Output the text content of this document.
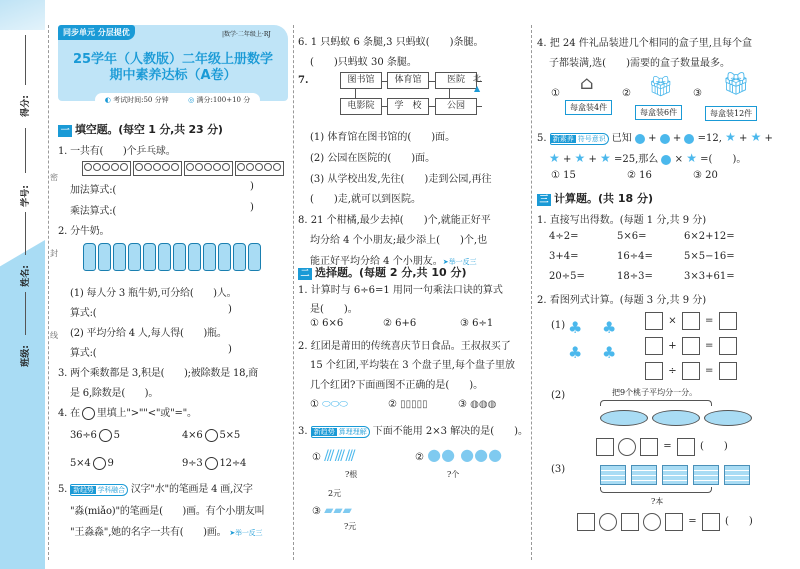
得分:
学号:
姓名:
班级:
密
封
线
同步单元 分层提优	|数学·二年级上·RJ
25学年（人教版）二年级上册数学
期中素养达标（A卷）
◐ 考试时间:50 分钟	◎ 满分:100+10 分
一 填空题。(每空 1 分,共 23 分)
1. 一共有(　　)个乒乓球。
加法算式:(	)
乘法算式:(	)
2. 分牛奶。
(1) 每人分 3 瓶牛奶,可分给(　　)人。
算式:(	)
(2) 平均分给 4 人,每人得(　　)瓶。
算式:(	)
3. 两个乘数都是 3,积是(　　);被除数是 18,商
是 6,除数是(　　)。
4. 在 里填上">""<"或"="。
36÷6 5	4×6 5×5
5×4 9	9÷3 12÷4
5. 新趋势 学科融合 汉字"水"的笔画是 4 画,汉字
"淼(miǎo)"的笔画是(　　)画。有个小朋友叫
"王淼淼",她的名字一共有(　　)画。 ➤举一反三
6. 1 只蚂蚁 6 条腿,3 只蚂蚁(　　)条腿。
(　　)只蚂蚁 30 条腿。
7.	图书馆	体育馆	医院
电影院	学　校	公园
北
▲
(1) 体育馆在图书馆的(　　)面。
(2) 公园在医院的(　　)面。
(3) 从学校出发,先往(　　)走到公园,再往
(　　)走,就可以到医院。
8. 21 个柑橘,最少去掉(　　)个,就能正好平
均分给 4 个小朋友;最少添上(　　)个,也
能正好平均分给 4 个小朋友。➤举一反三
二 选择题。(每题 2 分,共 10 分)
1. 计算时与 6÷6=1 用同一句乘法口诀的算式
是(　　)。
① 6×6	② 6+6	③ 6÷1
2. 红团是莆田的传统喜庆节日食品。王叔叔买了
15 个红团,平均装在 3 个盘子里,每个盘子里放
几个红团?下面画图不正确的是(　　)。
① ⬭⬭⬭	② ▯▯▯▯▯	③ ◍◍◍
3. 新趋势 算理理解 下面不能用 2×3 解决的是(　　)。
① /// /// ///
?根
② ●● ●●●
?个
2元
③ ▰▰▰
?元
4. 把 24 件礼品装进几个相同的盒子里,且每个盒
子都装满,选(　　)需要的盒子数量最多。
① ⌂
每盒装4件
② 🎁︎
每盒装6件
③ 🎁︎
每盒装12件
5. 新素养 符号意识 已知  +  +  =12, ★ + ★ +
★ + ★ + ★ =25,那么  × ★ =(　　)。
① 15	② 16	③ 20
三 计算题。(共 18 分)
1. 直接写出得数。(每题 1 分,共 9 分)
4÷2=	5×6=	6×2+12=
3+4=	16÷4=	5×5−16=
20÷5=	18÷3=	3×3+61=
2. 看图列式计算。(每题 3 分,共 9 分)
(1) ♣	♣
♣	♣
×	=
+	=
÷	=
(2)	把9个桃子平均分一分。
=	(　　)
(3)
?本
=	(　　)
